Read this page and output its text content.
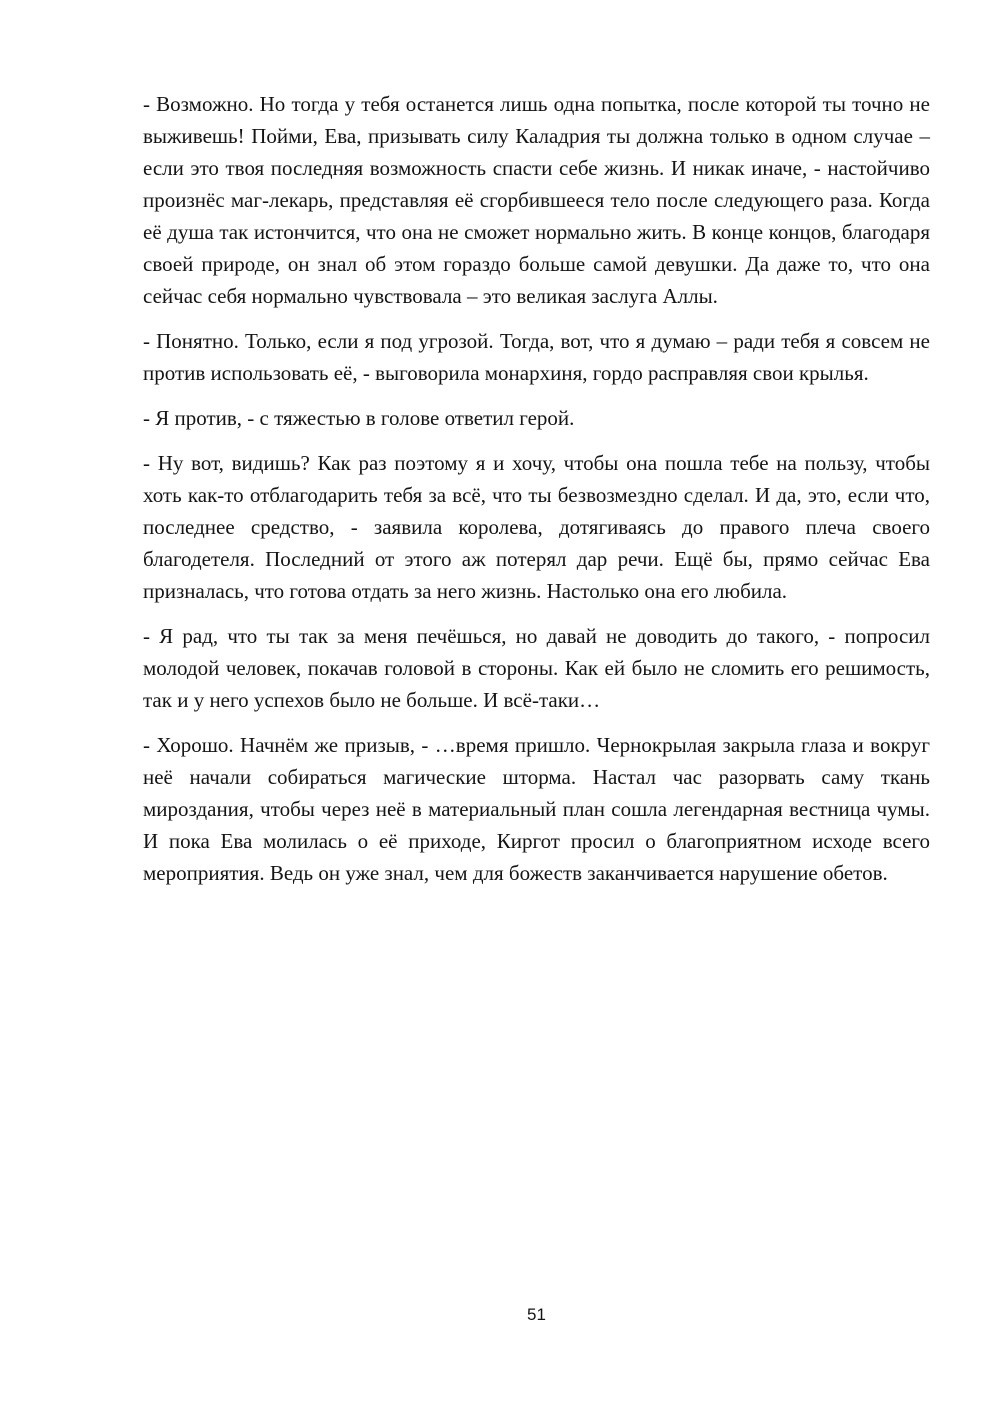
- Возможно. Но тогда у тебя останется лишь одна попытка, после которой ты точно не выживешь! Пойми, Ева, призывать силу Каладрия ты должна только в одном случае – если это твоя последняя возможность спасти себе жизнь. И никак иначе, - настойчиво произнёс маг-лекарь, представляя её сгорбившееся тело после следующего раза. Когда её душа так истончится, что она не сможет нормально жить. В конце концов, благодаря своей природе, он знал об этом гораздо больше самой девушки. Да даже то, что она сейчас себя нормально чувствовала – это великая заслуга Аллы.

- Понятно. Только, если я под угрозой. Тогда, вот, что я думаю – ради тебя я совсем не против использовать её, - выговорила монархиня, гордо расправляя свои крылья.

- Я против, - с тяжестью в голове ответил герой.

- Ну вот, видишь? Как раз поэтому я и хочу, чтобы она пошла тебе на пользу, чтобы хоть как-то отблагодарить тебя за всё, что ты безвозмездно сделал. И да, это, если что, последнее средство, - заявила королева, дотягиваясь до правого плеча своего благодетеля. Последний от этого аж потерял дар речи. Ещё бы, прямо сейчас Ева призналась, что готова отдать за него жизнь. Настолько она его любила.

- Я рад, что ты так за меня печёшься, но давай не доводить до такого, - попросил молодой человек, покачав головой в стороны. Как ей было не сломить его решимость, так и у него успехов было не больше. И всё-таки…

- Хорошо. Начнём же призыв, - …время пришло. Чернокрылая закрыла глаза и вокруг неё начали собираться магические шторма. Настал час разорвать саму ткань мироздания, чтобы через неё в материальный план сошла легендарная вестница чумы. И пока Ева молилась о её приходе, Киргот просил о благоприятном исходе всего мероприятия. Ведь он уже знал, чем для божеств заканчивается нарушение обетов.

51
